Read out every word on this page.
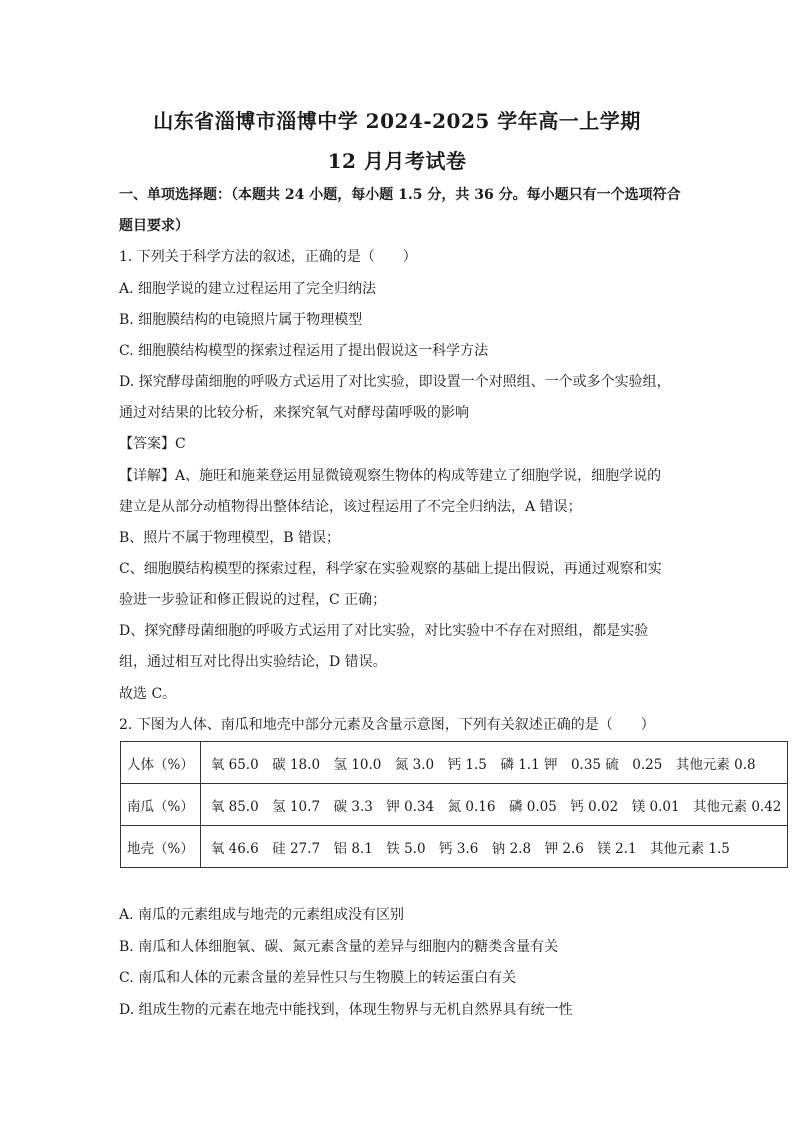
山东省淄博市淄博中学 2024-2025 学年高一上学期
12 月月考试卷
一、单项选择题：（本题共 24 小题，每小题 1.5 分，共 36 分。每小题只有一个选项符合
题目要求）
1. 下列关于科学方法的叙述，正确的是（　　）
A. 细胞学说的建立过程运用了完全归纳法
B. 细胞膜结构的电镜照片属于物理模型
C. 细胞膜结构模型的探索过程运用了提出假说这一科学方法
D. 探究酵母菌细胞的呼吸方式运用了对比实验，即设置一个对照组、一个或多个实验组，
通过对结果的比较分析，来探究氧气对酵母菌呼吸的影响
【答案】C
【详解】A、施旺和施莱登运用显微镜观察生物体的构成等建立了细胞学说，细胞学说的
建立是从部分动植物得出整体结论，该过程运用了不完全归纳法，A 错误；
B、照片不属于物理模型，B 错误；
C、细胞膜结构模型的探索过程，科学家在实验观察的基础上提出假说，再通过观察和实
验进一步验证和修正假说的过程，C 正确；
D、探究酵母菌细胞的呼吸方式运用了对比实验，对比实验中不存在对照组，都是实验
组，通过相互对比得出实验结论，D 错误。
故选 C。
2. 下图为人体、南瓜和地壳中部分元素及含量示意图，下列有关叙述正确的是（　　）
人体（%）	氧 65.0　碳 18.0　氢 10.0　氮 3.0　钙 1.5　磷 1.1 钾　0.35 硫　0.25　其他元素 0.8
南瓜（%）	氧 85.0　氢 10.7　碳 3.3　钾 0.34　氮 0.16　磷 0.05　钙 0.02　镁 0.01　其他元素 0.42
地壳（%）	氧 46.6　硅 27.7　铝 8.1　铁 5.0　钙 3.6　钠 2.8　钾 2.6　镁 2.1　其他元素 1.5
A. 南瓜的元素组成与地壳的元素组成没有区别
B. 南瓜和人体细胞氧、碳、氮元素含量的差异与细胞内的糖类含量有关
C. 南瓜和人体的元素含量的差异性只与生物膜上的转运蛋白有关
D. 组成生物的元素在地壳中能找到，体现生物界与无机自然界具有统一性
